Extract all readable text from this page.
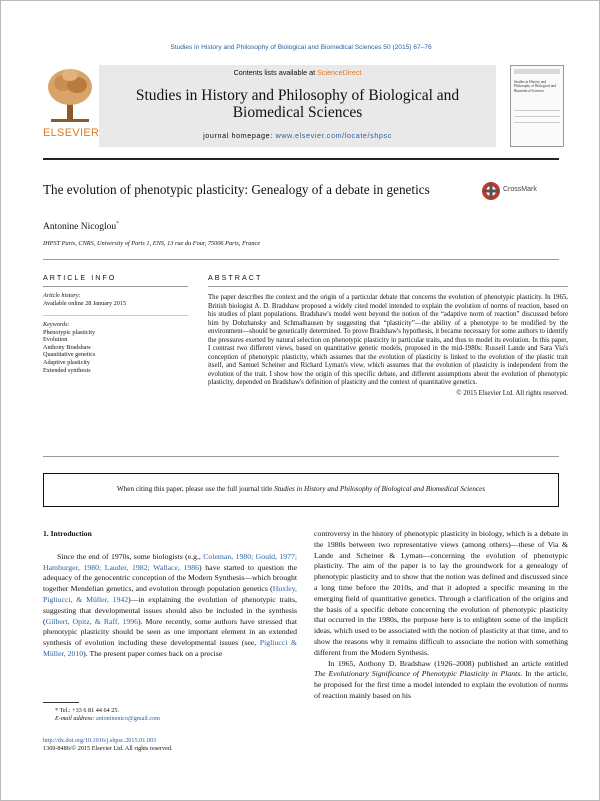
Studies in History and Philosophy of Biological and Biomedical Sciences 50 (2015) 67–76
ELSEVIER
Contents lists available at ScienceDirect
Studies in History and Philosophy of Biological and Biomedical Sciences
journal homepage: www.elsevier.com/locate/shpsc
Studies in History and Philosophy of Biological and Biomedical Sciences
The evolution of phenotypic plasticity: Genealogy of a debate in genetics	CrossMark
Antonine Nicoglou*
IHPST Paris, CNRS, University of Paris 1, ENS, 13 rue du Four, 75006 Paris, France
ARTICLE INFO
Article history:
Available online 28 January 2015
Keywords:
Phenotypic plasticity
Evolution
Anthony Bradshaw
Quantitative genetics
Adaptive plasticity
Extended synthesis
ABSTRACT
The paper describes the context and the origin of a particular debate that concerns the evolution of phenotypic plasticity. In 1965, British biologist A. D. Bradshaw proposed a widely cited model intended to explain the evolution of norms of reaction, based on his studies of plant populations. Bradshaw's model went beyond the notion of the “adaptive norm of reaction” discussed before him by Dobzhansky and Schmalhausen by suggesting that “plasticity”—the ability of a phenotype to be modified by the environment—should be genetically determined. To prove Bradshaw's hypothesis, it became necessary for some authors to identify the pressures exerted by natural selection on phenotypic plasticity in particular traits, and thus to model its evolution. In this paper, I contrast two different views, based on quantitative genetic models, proposed in the mid-1980s: Russell Lande and Sara Via's conception of phenotypic plasticity, which assumes that the evolution of plasticity is linked to the evolution of the plastic trait itself, and Samuel Scheiner and Richard Lyman's view, which assumes that the evolution of plasticity is independent from the evolution of the trait. I show how the origin of this specific debate, and different assumptions about the evolution of phenotypic plasticity, depended on Bradshaw's definition of plasticity and the context of quantitative genetics.
© 2015 Elsevier Ltd. All rights reserved.
When citing this paper, please use the full journal title Studies in History and Philosophy of Biological and Biomedical Sciences
1. Introduction

Since the end of 1970s, some biologists (e.g., Coleman, 1980; Gould, 1977; Hamburger, 1980; Lauder, 1982; Wallace, 1986) have started to question the adequacy of the genocentric conception of the Modern Synthesis—which brought together Mendelian genetics, and evolution through population genetics (Huxley, Pigliucci, & Müller, 1942)—in explaining the evolution of phenotypic traits, suggesting that developmental issues should also be included in the synthesis (Gilbert, Opitz, & Raff, 1996). More recently, some authors have stressed that phenotypic plasticity should be seen as one important element in an extended synthesis of evolution including these developmental issues (see, Pigliucci & Müller, 2010). The present paper comes back on a precise

controversy in the history of phenotypic plasticity in biology, which is a debate in the 1980s between two representative views (among others)—these of Via & Lande and Scheiner & Lyman—concerning the evolution of phenotypic plasticity. The aim of the paper is to lay the groundwork for a genealogy of phenotypic plasticity and to show that the notion was defined and discussed since a long time before the 2010s, and that it adopted a specific meaning in the emerging field of quantitative genetics. Through a clarification of the origins and the basis of a specific debate concerning the evolution of phenotypic plasticity that occurred in the 1980s, the purpose here is to enlighten some of the implicit ideas, which used to be associated with the notion of plasticity at that time, and to show the reasons why it remains difficult to associate the notion with something different from the Modern Synthesis.

In 1965, Anthony D. Bradshaw (1926–2008) published an article entitled The Evolutionary Significance of Phenotypic Plasticity in Plants. In the article, he proposed for the first time a model intended to explain the evolution of norms of reaction mainly based on his

* Tel.: +33 6 81 44 64 25.
E-mail address: antoninenico@gmail.com
http://dx.doi.org/10.1016/j.shpsc.2015.01.003
1369-8486/© 2015 Elsevier Ltd. All rights reserved.
